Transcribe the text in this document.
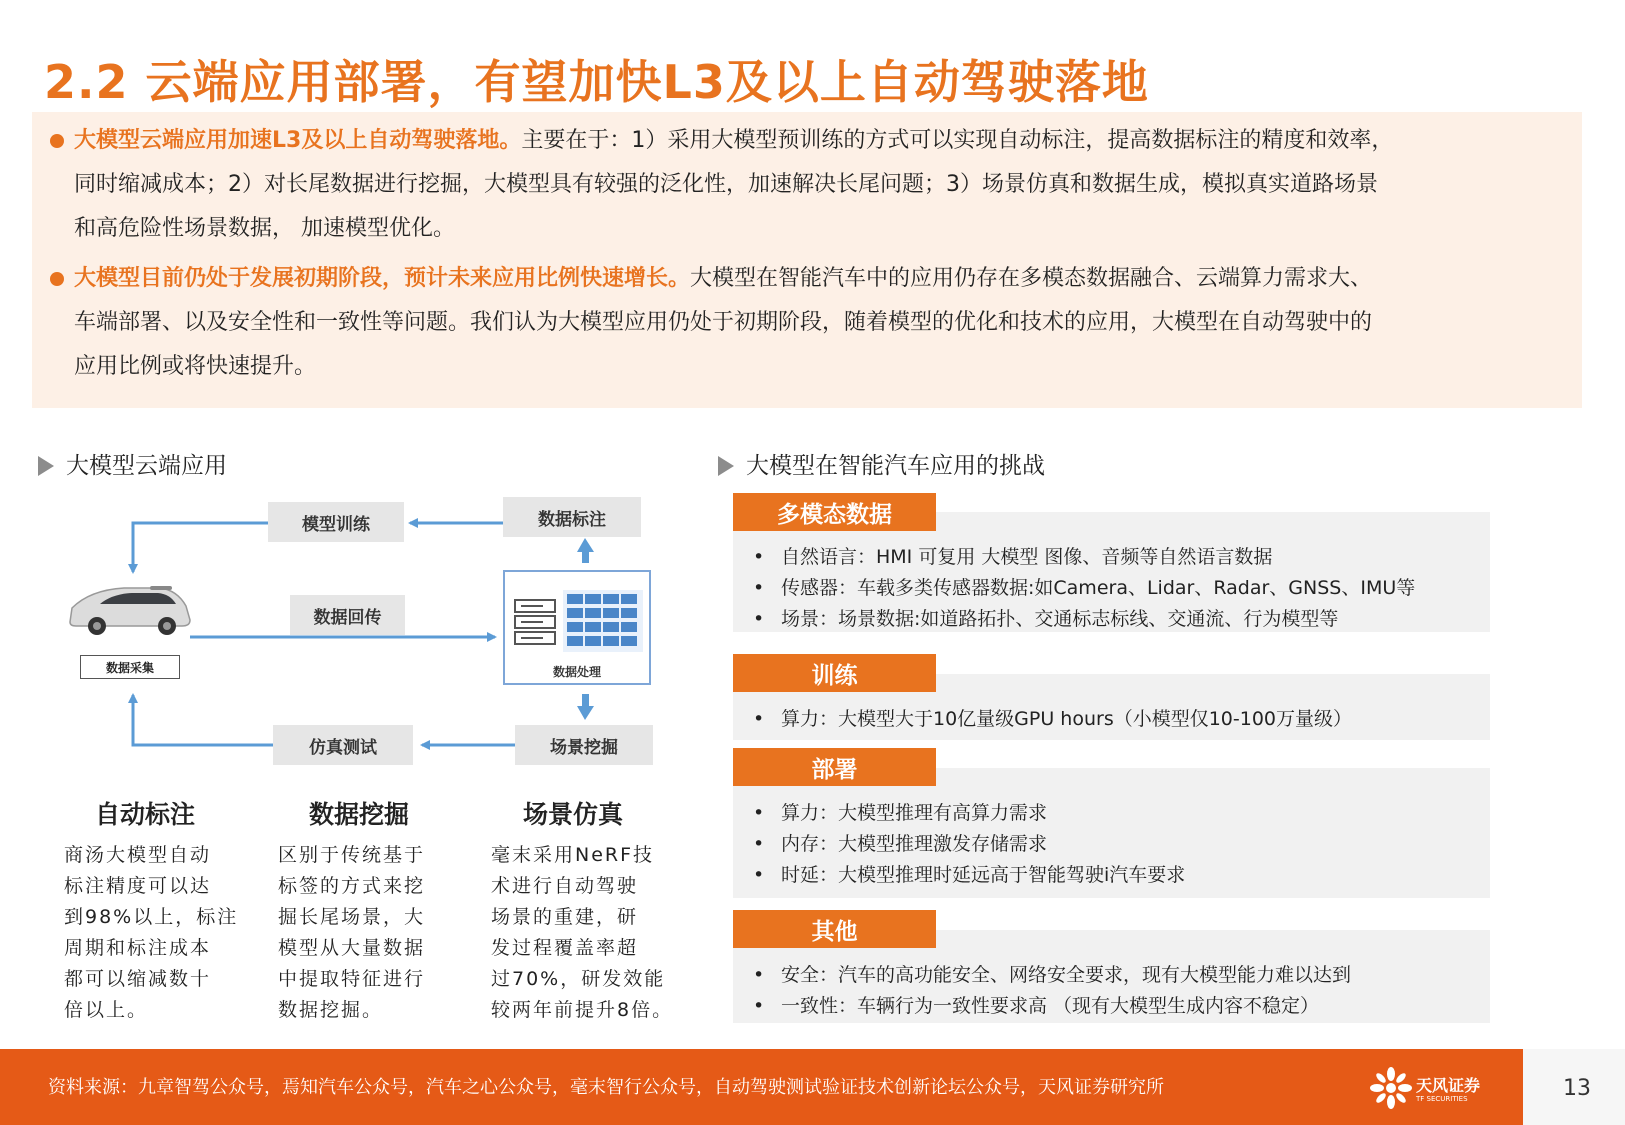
2.2 云端应用部署，有望加快L3及以上自动驾驶落地
大模型云端应用加速L3及以上自动驾驶落地。主要在于：1）采用大模型预训练的方式可以实现自动标注，提高数据标注的精度和效率，
同时缩减成本；2）对长尾数据进行挖掘，大模型具有较强的泛化性，加速解决长尾问题；3）场景仿真和数据生成，模拟真实道路场景
和高危险性场景数据， 加速模型优化。
大模型目前仍处于发展初期阶段，预计未来应用比例快速增长。大模型在智能汽车中的应用仍存在多模态数据融合、云端算力需求大、
车端部署、以及安全性和一致性等问题。我们认为大模型应用仍处于初期阶段，随着模型的优化和技术的应用，大模型在自动驾驶中的
应用比例或将快速提升。
大模型云端应用
模型训练	数据标注
数据回传
仿真测试	场景挖掘
数据采集	数据处理
自动标注
商汤大模型自动
标注精度可以达
到98%以上，标注
周期和标注成本
都可以缩减数十
倍以上。
数据挖掘
区别于传统基于
标签的方式来挖
掘长尾场景，大
模型从大量数据
中提取特征进行
数据挖掘。
场景仿真
毫末采用NeRF技
术进行自动驾驶
场景的重建，研
发过程覆盖率超
过70%，研发效能
较两年前提升8倍。
大模型在智能汽车应用的挑战
• 自然语言：HMI 可复用 大模型 图像、音频等自然语言数据
• 传感器：车载多类传感器数据:如Camera、Lidar、Radar、GNSS、IMU等
• 场景：场景数据:如道路拓扑、交通标志标线、交通流、行为模型等
多模态数据
• 算力：大模型大于10亿量级GPU hours（小模型仅10-100万量级）
训练
• 算力：大模型推理有高算力需求
• 内存：大模型推理激发存储需求
• 时延：大模型推理时延远高于智能驾驶i汽车要求
部署
• 安全：汽车的高功能安全、网络安全要求，现有大模型能力难以达到
• 一致性：车辆行为一致性要求高 （现有大模型生成内容不稳定）
其他
资料来源：九章智驾公众号，焉知汽车公众号，汽车之心公众号，毫末智行公众号，自动驾驶测试验证技术创新论坛公众号，天风证券研究所	天风证券
TF SECURITIES	13
